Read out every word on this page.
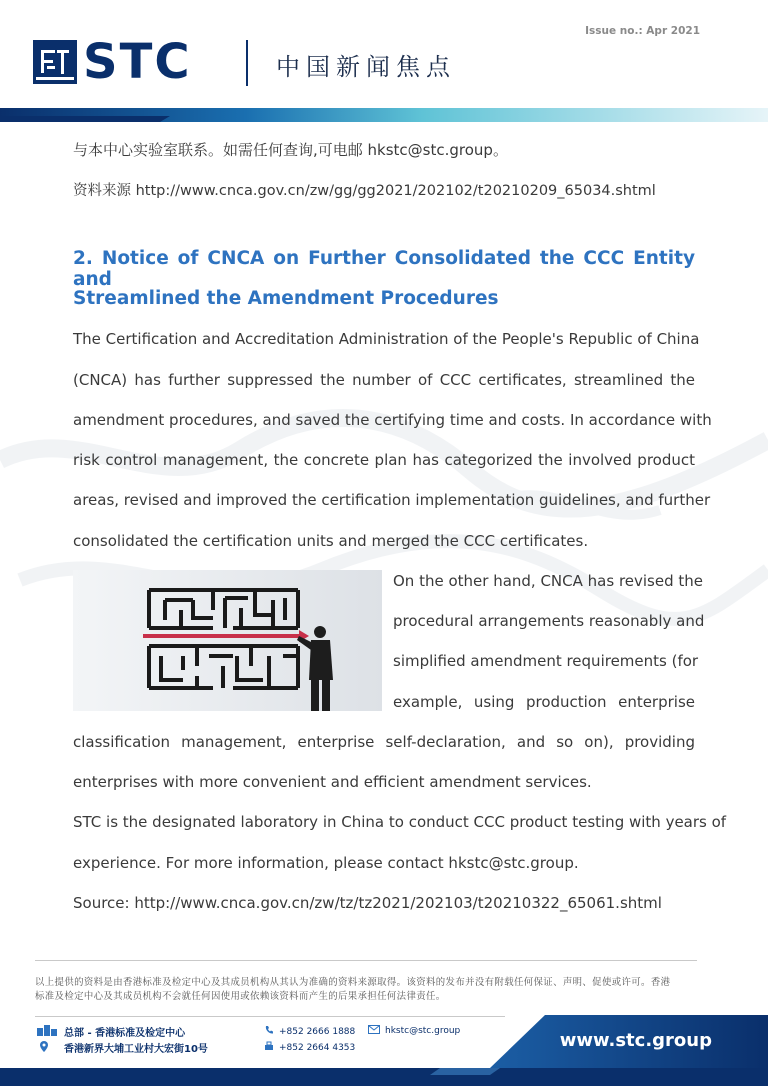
Issue no.: Apr 2021
STC	中国新闻焦点
与本中心实验室联系。如需任何查询,可电邮 hkstc@stc.group。
资料来源 http://www.cnca.gov.cn/zw/gg/gg2021/202102/t20210209_65034.shtml
2. Notice of CNCA on Further Consolidated the CCC Entity and
Streamlined the Amendment Procedures
The Certification and Accreditation Administration of the People's Republic of China
(CNCA) has further suppressed the number of CCC certificates, streamlined the
amendment procedures, and saved the certifying time and costs. In accordance with
risk control management, the concrete plan has categorized the involved product
areas, revised and improved the certification implementation guidelines, and further
consolidated the certification units and merged the CCC certificates.
On the other hand, CNCA has revised the
procedural arrangements reasonably and
simplified amendment requirements (for
example, using production enterprise
classification management, enterprise self-declaration, and so on), providing
enterprises with more convenient and efficient amendment services.
STC is the designated laboratory in China to conduct CCC product testing with years of
experience. For more information, please contact hkstc@stc.group.
Source: http://www.cnca.gov.cn/zw/tz/tz2021/202103/t20210322_65061.shtml
以上提供的资料是由香港标准及检定中心及其成员机构从其认为准确的资料来源取得。该资料的发布并没有附载任何保证、声明、促使或许可。香港
标准及检定中心及其成员机构不会就任何因使用或依赖该资料而产生的后果承担任何法律责任。
总部 - 香港标准及检定中心
香港新界大埔工业村大宏街10号
+852 2666 1888
+852 2664 4353
hkstc@stc.group	www.stc.group
